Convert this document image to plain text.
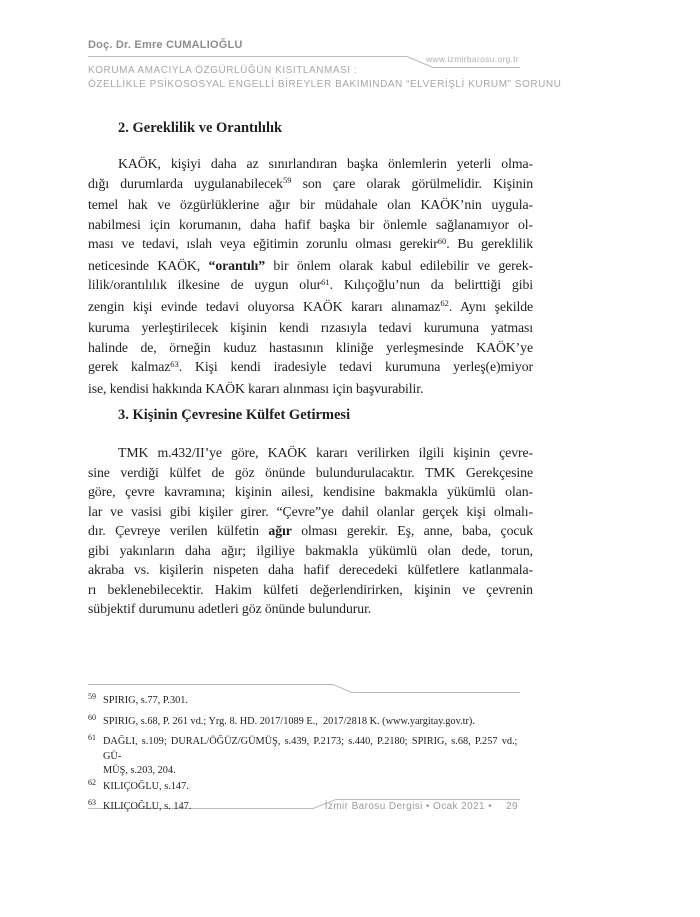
Doç. Dr. Emre CUMALIOĞLU
www.izmirbarosu.org.tr
KORUMA AMACIYLA ÖZGÜRLÜĞÜN KISITLANMASI :
ÖZELLİKLE PSİKOSOSYAL ENGELLİ BİREYLER BAKIMINDAN “ELVERİŞLİ KURUM” SORUNU
2. Gereklilik ve Orantılılık
KAÖK, kişiyi daha az sınırlandıran başka önlemlerin yeterli olma-
dığı durumlarda uygulanabilecek$^{59}$ son çare olarak görülmelidir. Kişinin
temel hak ve özgürlüklerine ağır bir müdahale olan KAÖK’nin uygula-
nabilmesi için korumanın, daha hafif başka bir önlemle sağlanamıyor ol-
ması ve tedavi, ıslah veya eğitimin zorunlu olması gerekir$^{60}$. Bu gereklilik
neticesinde KAÖK, “orantılı” bir önlem olarak kabul edilebilir ve gerek-
lilik/orantılılık ilkesine de uygun olur$^{61}$. Kılıçoğlu’nun da belirttiği gibi
zengin kişi evinde tedavi oluyorsa KAÖK kararı alınamaz$^{62}$. Aynı şekilde
kuruma yerleştirilecek kişinin kendi rızasıyla tedavi kurumuna yatması
halinde de, örneğin kuduz hastasının kliniğe yerleşmesinde KAÖK’ye
gerek kalmaz$^{63}$. Kişi kendi iradesiyle tedavi kurumuna yerleş(e)miyor
ise, kendisi hakkında KAÖK kararı alınması için başvurabilir.
3. Kişinin Çevresine Külfet Getirmesi
TMK m.432/II’ye göre, KAÖK kararı verilirken ilgili kişinin çevre-
sine verdiği külfet de göz önünde bulundurulacaktır. TMK Gerekçesine
göre, çevre kavramına; kişinin ailesi, kendisine bakmakla yükümlü olan-
lar ve vasisi gibi kişiler girer. “Çevre”ye dahil olanlar gerçek kişi olmalı-
dır. Çevreye verilen külfetin ağır olması gerekir. Eş, anne, baba, çocuk
gibi yakınların daha ağır; ilgiliye bakmakla yükümlü olan dede, torun,
akraba vs. kişilerin nispeten daha hafif derecedeki külfetlere katlanmala-
rı beklenebilecektir. Hakim külfeti değerlendirirken, kişinin ve çevrenin
sübjektif durumunu adetleri göz önünde bulundurur.
59 SPIRIG, s.77, P.301.
60 SPIRIG, s.68, P. 261 vd.; Yrg. 8. HD. 2017/1089 E.,  2017/2818 K. (www.yargitay.gov.tr).
61 DAĞLI, s.109; DURAL/ÖĞÜZ/GÜMÜŞ, s.439, P.2173; s.440, P.2180; SPIRIG, s.68, P.257 vd.;  GÜ-
MÜŞ, s.203, 204.
62 KILIÇOĞLU, s.147.
63 KILIÇOĞLU, s. 147.	İzmir Barosu Dergisi • Ocak 2021 • 29
